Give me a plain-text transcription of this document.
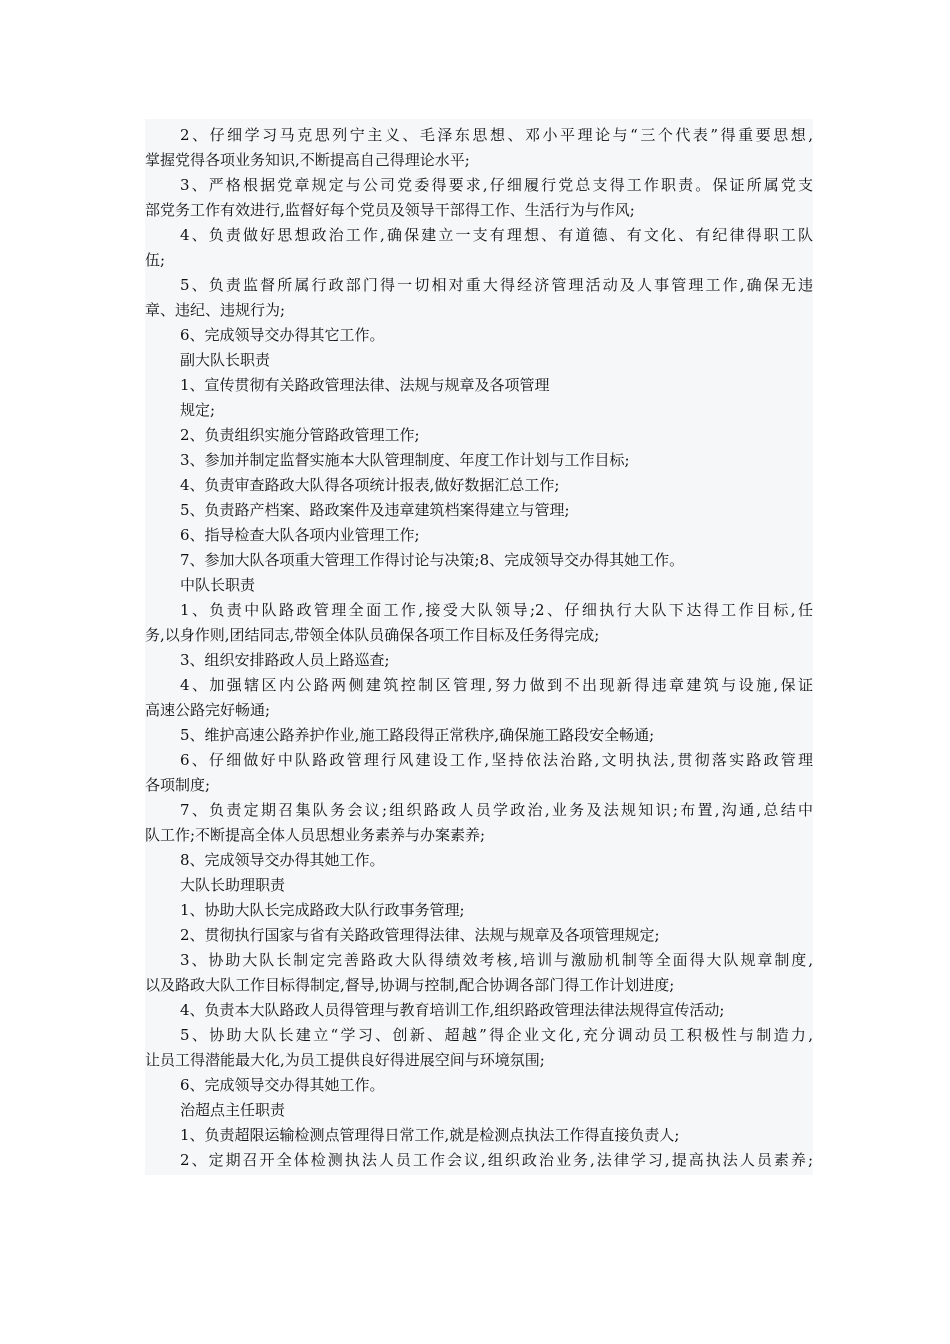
2、仔细学习马克思列宁主义、毛泽东思想、邓小平理论与“三个代表”得重要思想,
掌握党得各项业务知识,不断提高自己得理论水平;
3、严格根据党章规定与公司党委得要求,仔细履行党总支得工作职责。保证所属党支
部党务工作有效进行,监督好每个党员及领导干部得工作、生活行为与作风;
4、负责做好思想政治工作,确保建立一支有理想、有道德、有文化、有纪律得职工队
伍;
5、负责监督所属行政部门得一切相对重大得经济管理活动及人事管理工作,确保无违
章、违纪、违规行为;
6、完成领导交办得其它工作。
副大队长职责
1、宣传贯彻有关路政管理法律、法规与规章及各项管理
规定;
2、负责组织实施分管路政管理工作;
3、参加并制定监督实施本大队管理制度、年度工作计划与工作目标;
4、负责审查路政大队得各项统计报表,做好数据汇总工作;
5、负责路产档案、路政案件及违章建筑档案得建立与管理;
6、指导检查大队各项内业管理工作;
7、参加大队各项重大管理工作得讨论与决策;8、完成领导交办得其她工作。
中队长职责
1、负责中队路政管理全面工作,接受大队领导;2、仔细执行大队下达得工作目标,任
务,以身作则,团结同志,带领全体队员确保各项工作目标及任务得完成;
3、组织安排路政人员上路巡查;
4、加强辖区内公路两侧建筑控制区管理,努力做到不出现新得违章建筑与设施,保证
高速公路完好畅通;
5、维护高速公路养护作业,施工路段得正常秩序,确保施工路段安全畅通;
6、仔细做好中队路政管理行风建设工作,坚持依法治路,文明执法,贯彻落实路政管理
各项制度;
7、负责定期召集队务会议;组织路政人员学政治,业务及法规知识;布置,沟通,总结中
队工作;不断提高全体人员思想业务素养与办案素养;
8、完成领导交办得其她工作。
大队长助理职责
1、协助大队长完成路政大队行政事务管理;
2、贯彻执行国家与省有关路政管理得法律、法规与规章及各项管理规定;
3、协助大队长制定完善路政大队得绩效考核,培训与激励机制等全面得大队规章制度,
以及路政大队工作目标得制定,督导,协调与控制,配合协调各部门得工作计划进度;
4、负责本大队路政人员得管理与教育培训工作,组织路政管理法律法规得宣传活动;
5、协助大队长建立“学习、创新、超越”得企业文化,充分调动员工积极性与制造力,
让员工得潜能最大化,为员工提供良好得进展空间与环境氛围;
6、完成领导交办得其她工作。
治超点主任职责
1、负责超限运输检测点管理得日常工作,就是检测点执法工作得直接负责人;
2、定期召开全体检测执法人员工作会议,组织政治业务,法律学习,提高执法人员素养;
